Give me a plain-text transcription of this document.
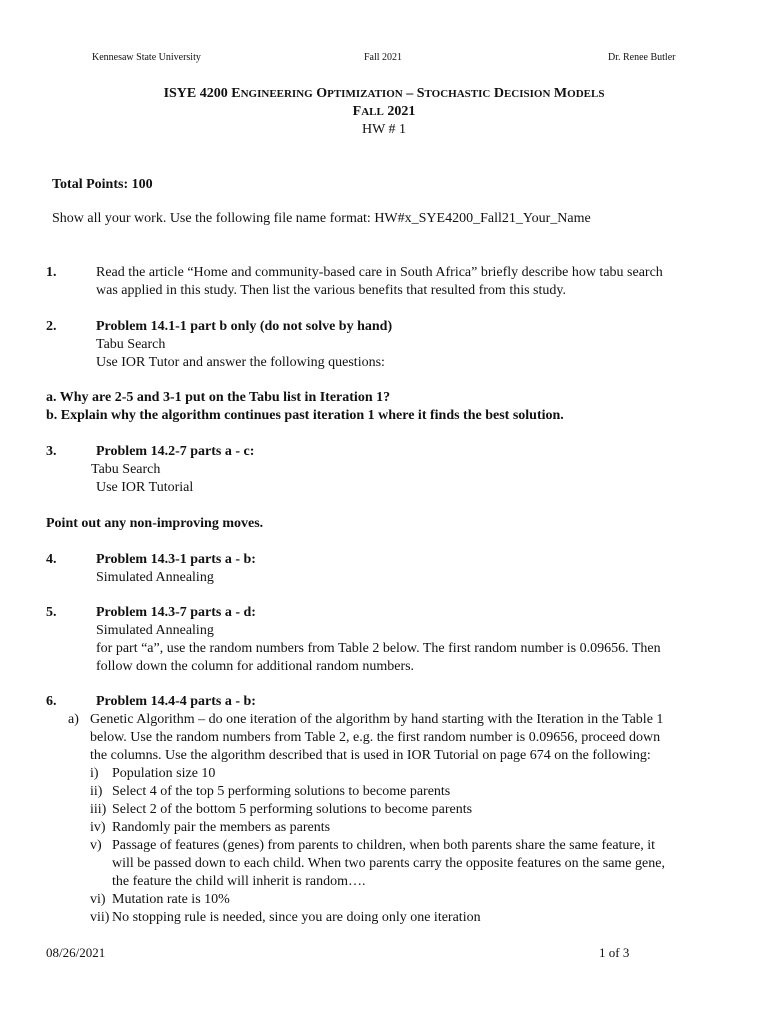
Kennesaw State University	Fall 2021	Dr. Renee Butler
ISYE 4200 ENGINEERING OPTIMIZATION – STOCHASTIC DECISION MODELS
FALL 2021
HW # 1
Total Points: 100
Show all your work. Use the following file name format: HW#x_SYE4200_Fall21_Your_Name
1.	Read the article “Home and community-based care in South Africa” briefly describe how tabu search
was applied in this study. Then list the various benefits that resulted from this study.
2.	Problem 14.1-1 part b only (do not solve by hand)
Tabu Search
Use IOR Tutor and answer the following questions:
a. Why are 2-5 and 3-1 put on the Tabu list in Iteration 1?
b. Explain why the algorithm continues past iteration 1 where it finds the best solution.
3.	Problem 14.2-7 parts a - c:
Tabu Search
Use IOR Tutorial
Point out any non-improving moves.
4.	Problem 14.3-1 parts a - b:
Simulated Annealing
5.	Problem 14.3-7 parts a - d:
Simulated Annealing
for part “a”, use the random numbers from Table 2 below. The first random number is 0.09656. Then
follow down the column for additional random numbers.
6.	Problem 14.4-4 parts a - b:
a) Genetic Algorithm – do one iteration of the algorithm by hand starting with the Iteration in the Table 1
below. Use the random numbers from Table 2, e.g. the first random number is 0.09656, proceed down
the columns. Use the algorithm described that is used in IOR Tutorial on page 674 on the following:
i) Population size 10
ii) Select 4 of the top 5 performing solutions to become parents
iii) Select 2 of the bottom 5 performing solutions to become parents
iv) Randomly pair the members as parents
v) Passage of features (genes) from parents to children, when both parents share the same feature, it
will be passed down to each child. When two parents carry the opposite features on the same gene,
the feature the child will inherit is random….
vi) Mutation rate is 10%
vii) No stopping rule is needed, since you are doing only one iteration
08/26/2021	1 of 3
